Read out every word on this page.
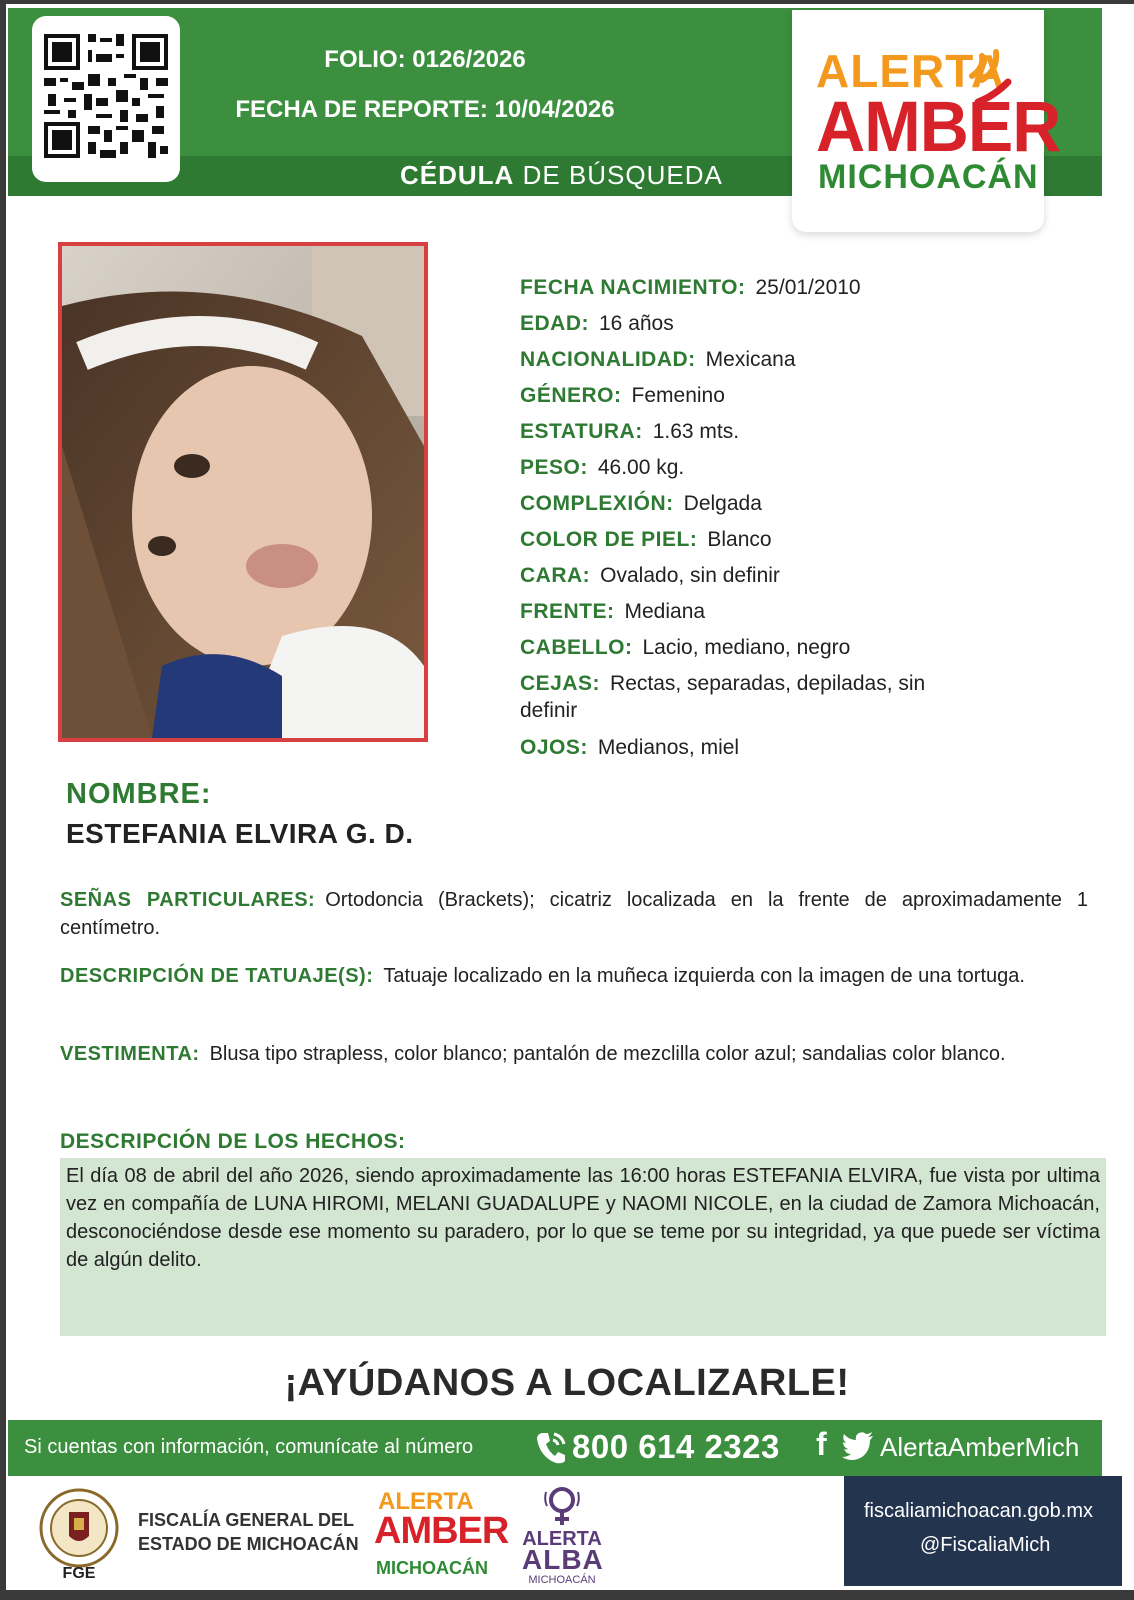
FOLIO: 0126/2026
FECHA DE REPORTE: 10/04/2026
CÉDULA DE BÚSQUEDA
ALERTA
AMBER
MICHOACÁN
FECHA NACIMIENTO: 25/01/2010
EDAD: 16 años
NACIONALIDAD: Mexicana
GÉNERO: Femenino
ESTATURA: 1.63 mts.
PESO: 46.00 kg.
COMPLEXIÓN: Delgada
COLOR DE PIEL: Blanco
CARA: Ovalado, sin definir
FRENTE: Mediana
CABELLO: Lacio, mediano, negro
CEJAS: Rectas, separadas, depiladas, sin definir
OJOS: Medianos, miel
NOMBRE:
ESTEFANIA ELVIRA G. D.
SEÑAS PARTICULARES: Ortodoncia (Brackets); cicatriz localizada en la frente de aproximadamente 1 centímetro.
DESCRIPCIÓN DE TATUAJE(S): Tatuaje localizado en la muñeca izquierda con la imagen de una tortuga.
VESTIMENTA: Blusa tipo strapless, color blanco; pantalón de mezclilla color azul; sandalias color blanco.
DESCRIPCIÓN DE LOS HECHOS:
El día 08 de abril del año 2026, siendo aproximadamente las 16:00 horas ESTEFANIA ELVIRA, fue vista por ultima vez en compañía de LUNA HIROMI, MELANI GUADALUPE y NAOMI NICOLE, en la ciudad de Zamora Michoacán, desconociéndose desde ese momento su paradero, por lo que se teme por su integridad, ya que puede ser víctima de algún delito.
¡AYÚDANOS A LOCALIZARLE!
Si cuentas con información, comunícate al número	800 614 2323 f AlertaAmberMich
FGE
FISCALÍA GENERAL DEL
ESTADO DE MICHOACÁN
ALERTA
AMBER
MICHOACÁN
ALERTA
ALBA
MICHOACÁN
fiscaliamichoacan.gob.mx
@FiscaliaMich
